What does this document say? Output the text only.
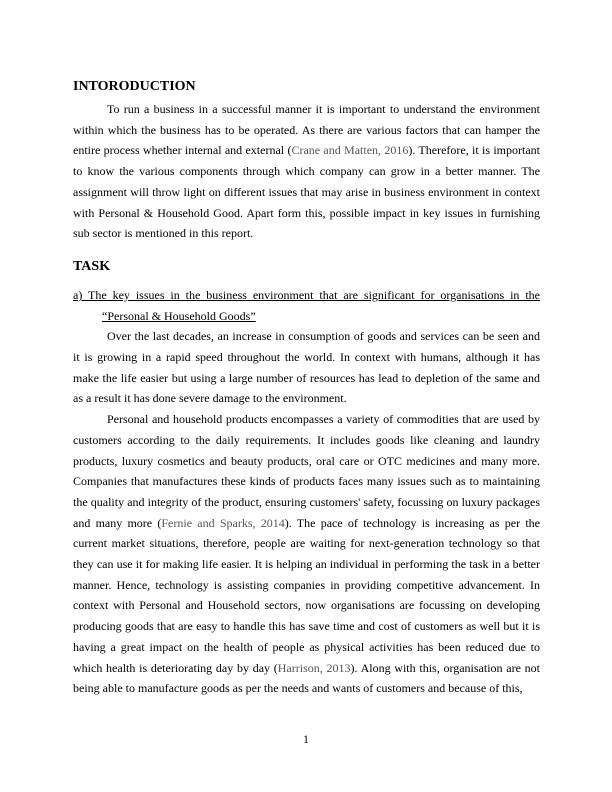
INTORODUCTION

To run a business in a successful manner it is important to understand the environment within which the business has to be operated. As there are various factors that can hamper the entire process whether internal and external (Crane and Matten, 2016). Therefore, it is important to know the various components through which company can grow in a better manner. The assignment will throw light on different issues that may arise in business environment in context with Personal & Household Good. Apart form this, possible impact in key issues in furnishing sub sector is mentioned in this report.

TASK
a) The key issues in the business environment that are significant for organisations in the “Personal & Household Goods”

Over the last decades, an increase in consumption of goods and services can be seen and it is growing in a rapid speed throughout the world. In context with humans, although it has make the life easier but using a large number of resources has lead to depletion of the same and as a result it has done severe damage to the environment.

Personal and household products encompasses a variety of commodities that are used by customers according to the daily requirements. It includes goods like cleaning and laundry products, luxury cosmetics and beauty products, oral care or OTC medicines and many more. Companies that manufactures these kinds of products faces many issues such as to maintaining the quality and integrity of the product, ensuring customers' safety, focussing on luxury packages and many more (Fernie and Sparks, 2014). The pace of technology is increasing as per the current market situations, therefore, people are waiting for next-generation technology so that they can use it for making life easier. It is helping an individual in performing the task in a better manner. Hence, technology is assisting companies in providing competitive advancement. In context with Personal and Household sectors, now organisations are focussing on developing producing goods that are easy to handle this has save time and cost of customers as well but it is having a great impact on the health of people as physical activities has been reduced due to which health is deteriorating day by day (Harrison, 2013). Along with this, organisation are not being able to manufacture goods as per the needs and wants of customers and because of this,

1
